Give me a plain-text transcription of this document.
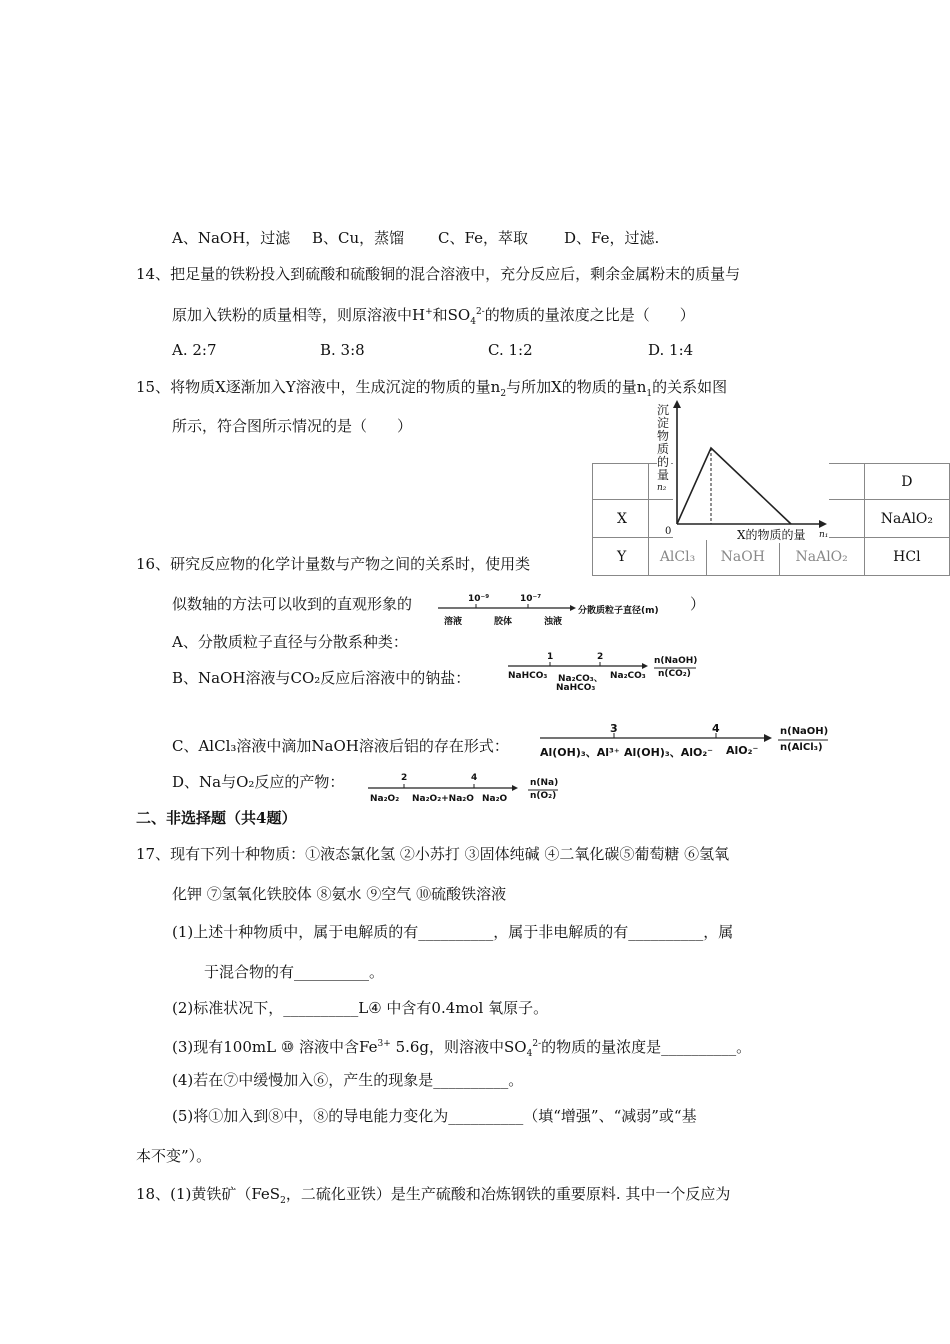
A、NaOH，过滤 B、Cu，蒸馏 C、Fe，萃取 D、Fe，过滤.
14、把足量的铁粉投入到硫酸和硫酸铜的混合溶液中，充分反应后，剩余金属粉末的质量与
原加入铁粉的质量相等，则原溶液中H+和$SO_4^{2-}$的物质的量浓度之比是（　　）
A. 2:7	B. 3:8	C. 1:2	D. 1:4
15、将物质X逐渐加入Y溶液中，生成沉淀的物质的量$n_2$与所加X的物质的量$n_1$的关系如图
所示，符合图所示情况的是（　　）
				D
X				NaAlO₂
Y	AlCl₃	NaOH	NaAlO₂	HCl
沉
淀
物
质
的
量
n₂
0	X的物质的量 n₁
16、研究反应物的化学计量数与产物之间的关系时，使用类
似数轴的方法可以收到的直观形象的	）
10⁻⁹	10⁻⁷
分散质粒子直径(m)
溶液	胶体	浊液
A、分散质粒子直径与分散系种类：
B、NaOH溶液与CO₂反应后溶液中的钠盐：
1	2	n(NaOH)
n(CO₂)
NaHCO₃ Na₂CO₃、
NaHCO₃
Na₂CO₃
C、AlCl₃溶液中滴加NaOH溶液后铝的存在形式：
3	4	n(NaOH)
n(AlCl₃)
Al(OH)₃、Al³⁺ Al(OH)₃、AlO₂⁻ AlO₂⁻
D、Na与O₂反应的产物：	2	4	n(Na)
n(O₂)
Na₂O₂ Na₂O₂+Na₂O Na₂O
二、非选择题（共4题）
17、现有下列十种物质：①液态氯化氢 ②小苏打 ③固体纯碱 ④二氧化碳⑤葡萄糖 ⑥氢氧
化钾 ⑦氢氧化铁胶体 ⑧氨水 ⑨空气 ⑩硫酸铁溶液
(1)上述十种物质中，属于电解质的有__________，属于非电解质的有__________，属
于混合物的有__________。
(2)标准状况下，__________L④ 中含有0.4mol 氧原子。
(3)现有100mL ⑩ 溶液中含$Fe^{3+}$ 5.6g，则溶液中$SO_4^{2-}$的物质的量浓度是__________。
(4)若在⑦中缓慢加入⑥，产生的现象是__________。
(5)将①加入到⑧中，⑧的导电能力变化为__________（填“增强”、“减弱”或“基
本不变”）。
18、(1)黄铁矿（FeS$_2$，二硫化亚铁）是生产硫酸和冶炼钢铁的重要原料. 其中一个反应为
